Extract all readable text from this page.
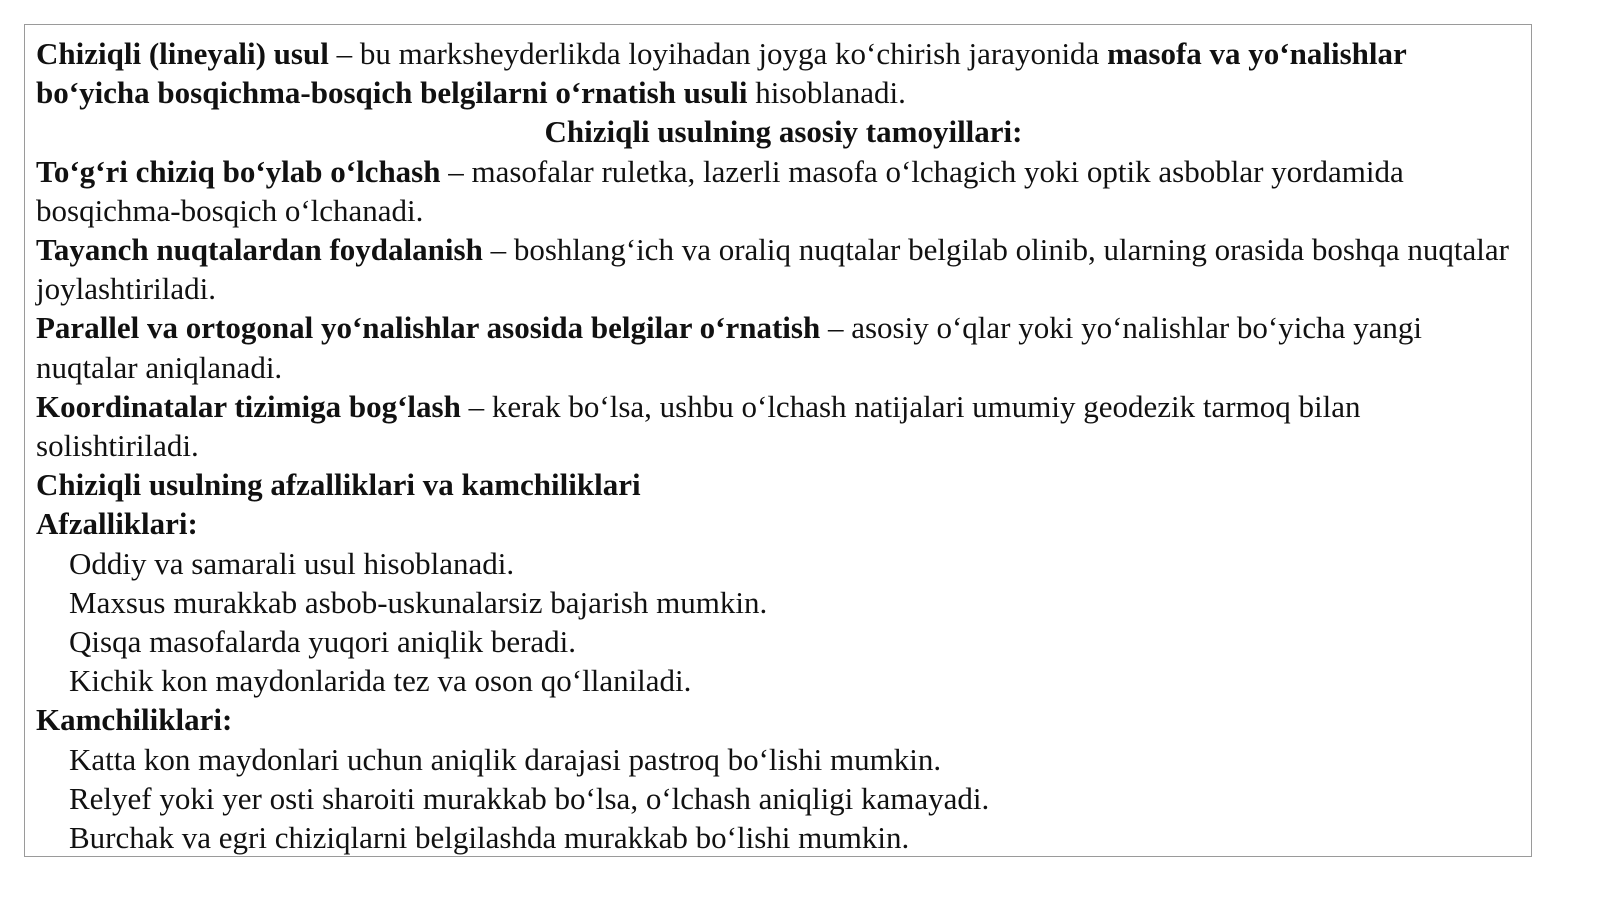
Chiziqli (lineyali) usul – bu marksheyderlikda loyihadan joyga ko‘chirish jarayonida masofa va yo‘nalishlar bo‘yicha bosqichma-bosqich belgilarni o‘rnatish usuli hisoblanadi.

Chiziqli usulning asosiy tamoyillari:

To‘g‘ri chiziq bo‘ylab o‘lchash – masofalar ruletka, lazerli masofa o‘lchagich yoki optik asboblar yordamida bosqichma-bosqich o‘lchanadi.

Tayanch nuqtalardan foydalanish – boshlang‘ich va oraliq nuqtalar belgilab olinib, ularning orasida boshqa nuqtalar joylashtiriladi.

Parallel va ortogonal yo‘nalishlar asosida belgilar o‘rnatish – asosiy o‘qlar yoki yo‘nalishlar bo‘yicha yangi nuqtalar aniqlanadi.

Koordinatalar tizimiga bog‘lash – kerak bo‘lsa, ushbu o‘lchash natijalari umumiy geodezik tarmoq bilan solishtiriladi.

Chiziqli usulning afzalliklari va kamchiliklari

Afzalliklari:

Oddiy va samarali usul hisoblanadi.

Maxsus murakkab asbob-uskunalarsiz bajarish mumkin.

Qisqa masofalarda yuqori aniqlik beradi.

Kichik kon maydonlarida tez va oson qo‘llaniladi.

Kamchiliklari:

Katta kon maydonlari uchun aniqlik darajasi pastroq bo‘lishi mumkin.

Relyef yoki yer osti sharoiti murakkab bo‘lsa, o‘lchash aniqligi kamayadi.

Burchak va egri chiziqlarni belgilashda murakkab bo‘lishi mumkin.
